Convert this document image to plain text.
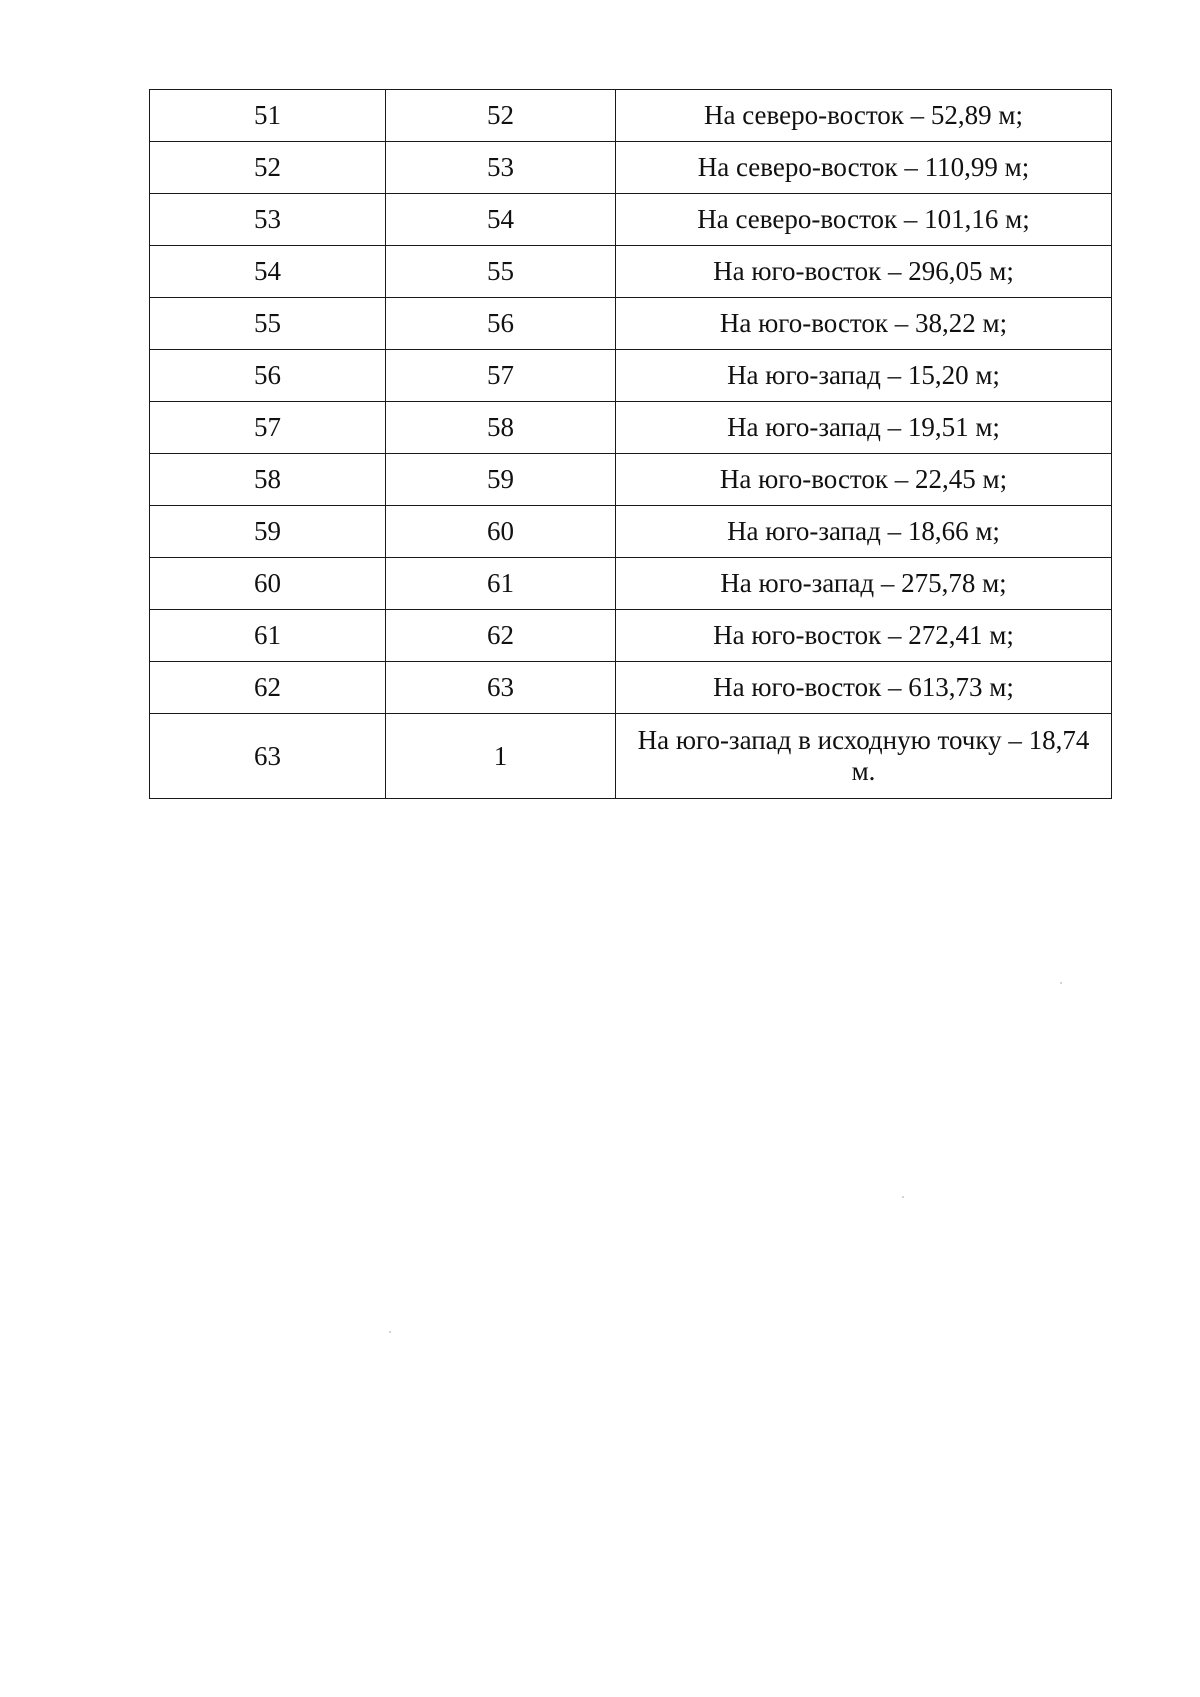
51	52	На северо-восток – 52,89 м;
52	53	На северо-восток – 110,99 м;
53	54	На северо-восток – 101,16 м;
54	55	На юго-восток – 296,05 м;
55	56	На юго-восток – 38,22 м;
56	57	На юго-запад – 15,20 м;
57	58	На юго-запад – 19,51 м;
58	59	На юго-восток – 22,45 м;
59	60	На юго-запад – 18,66 м;
60	61	На юго-запад – 275,78 м;
61	62	На юго-восток – 272,41 м;
62	63	На юго-восток – 613,73 м;
63	1	На юго-запад в исходную точку – 18,74 м.
